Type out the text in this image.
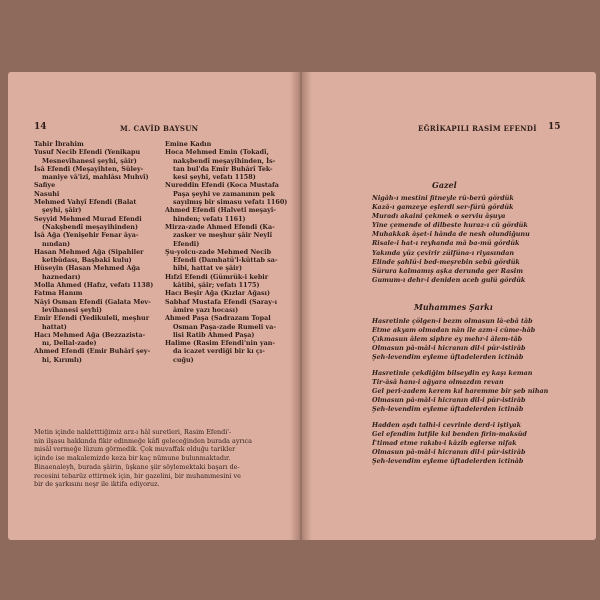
14	M. CAVİD BAYSUN
Tahir İbrahim
Yusuf Necib Efendi (Yenikapu
Mesnevîhanesi şeyhi, şâir)
İsâ Efendi (Meşayihten, Süley-
maniye vâ'izi, mahlâsı Muhvî)
Safiye
Nasuhi
Mehmed Vahyî Efendi (Balat
şeyhi, şâir)
Seyyid Mehmed Murad Efendi
(Nakşbendî meşayihinden)
İsâ Ağa (Yenişehir Fenar âya-
nından)
Hasan Mehmed Ağa (Sipahiler
ketbüdası, Başbaki kulu)
Hüseyin (Hasan Mehmed Ağa
haznedarı)
Molla Ahmed (Hafız, vefatı 1138)
Fatma Hanım
Nâyi Osman Efendi (Galata Mev-
levîhanesi şeyhi)
Emir Efendi (Yedikuleli, meşhur
hattat)
Hacı Mehmed Ağa (Bezzazista-
nı, Dellal-zade)
Ahmed Efendi (Emir Buhârî şey-
hi, Kırımlı)
Emine Kadın
Hoca Mehmed Emin (Tokadî,
nakşbendî meşayihinden, İs-
tan bul'da Emir Buhârî Tek-
kesi şeyhi, vefatı 1158)
Nureddin Efendi (Koca Mustafa
Paşa şeyhi ve zamanının pek
sayılmış bir simasu vefatı 1160)
Ahmed Efendi (Halveti meşayi-
hinden; vefatı 1161)
Mirza-zade Ahmed Efendi (Ka-
zasker ve meşhur şâir Neylî
Efendi)
Şu-yolcu-zade Mehmed Necib
Efendi (Damhatü'l-küttab sa-
hibi, hattat ve şâir)
Hıfzî Efendi (Gümrük-i kebir
kâtibi, şâir; vefatı 1175)
Hacı Beşir Ağa (Kızlar Ağası)
Sabhaf Mustafa Efendi (Saray-ı
âmire yazı hocası)
Ahmed Paşa (Sadrazam Topal
Osman Paşa-zade Rumeli va-
lisi Ratib Ahmed Paşa)
Halime (Rasim Efendi'nin yan-
da icazet verdiği bir kı çı-
cuğu)
Metin içinde nakletttiğimiz arz-ı hâl suretleri, Rasim Efendi'-
nin ilşasu hakkında fikir edinmeğe kâfi geleceğinden burada ayrıca
misâl vermeğe lüzum görmedik. Çok muvaffak olduğu tarikler
içinde ise makalemizde keza bir kaç nümune bulunmaktadır.
Binaenaleyh, burada şâirin, üşkane şiir söylemektaki başarı de-
recesini tebarüz ettirmek için, bir gazelini, bir muhammesini ve
bir de şarkısını neşr ile iktifa ediyoruz.
EĞRİKAPILI RASİM EFENDİ 15
Gazel
Nigâh-ı mestini fitneyle rû-berû gördük
Kazâ-ı gamzeye eşlerdi ser-fürû gördük
Muradı akaini çekmek o serviu âşuya
Yine çemende ol dilbeste huraz-ı cû gördük
Muhakkak âşet-i hânda de nesh olundiğunu
Risale-i hat-ı reyhanda mâ ba-mü gördük
Yakında yüz çevirir zülfüna-ı riyasından
Elinde şahlü-i bed-meşrebin sebû gördük
Sürura kalmamış aşka derunda ger Rasim
Gumum-ı dehr-i deniden aceb gulü gördük
Muhammes Şarkı
Hasretinle çölgen-i bezm olmasun lâ-ebâ tâb
Etme akyam olmadan nân ile azm-i cûme-hâb
Çıkmasun âlem siphre ey mehr-i âlem-tâb
Olmasun pâ-mâl-i hicranın dil-i pür-istirâb
Şeh-levendim eyleme üftadelerden ictinâb
Hasretinle çekdiğim bilseydin ey kaşı keman
Tir-âsâ hanı-i ağyara olmazdın revan
Gel peri-zadem kerem kıl haremme bir şeb nihan
Olmasun pâ-mâl-i hicranın dil-i pür-istirâb
Şeh-levendim eyleme üftadelerden ictinâb
Hadden aşdı talhi-i cevrinle derd-i iştiyak
Gel efendim lutfile kıl benden firin-maksûd
İ'timad etme rakıbı-i kâzib eglerse nifak
Olmasun pâ-mâl-i hicranın dil-i pür-istirâb
Şeh-levendim eyleme üftadelerden ictinâb
